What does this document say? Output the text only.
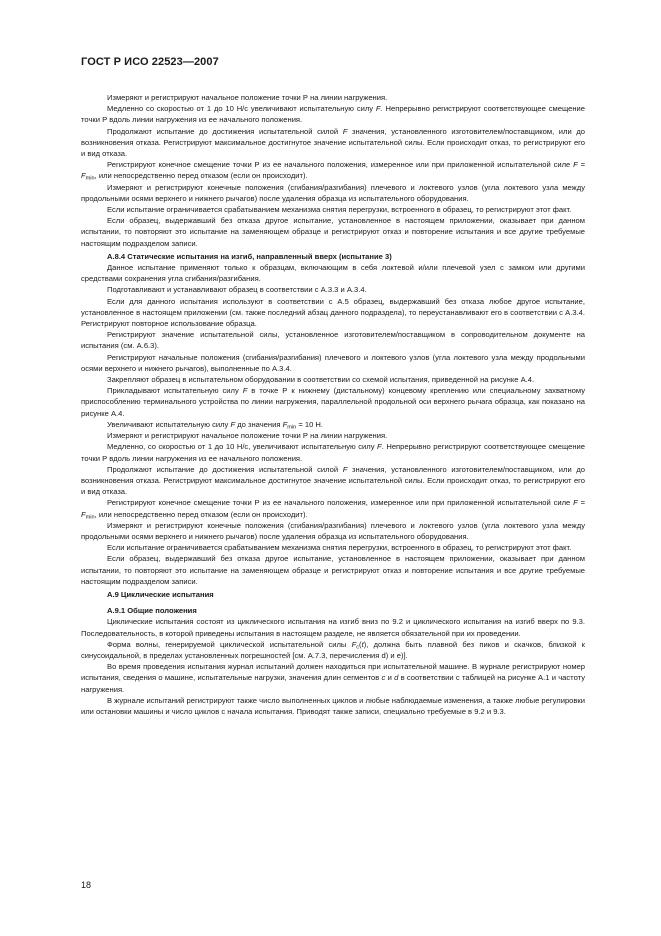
ГОСТ Р ИСО 22523—2007

Измеряют и регистрируют начальное положение точки Р на линии нагружения.

Медленно со скоростью от 1 до 10 Н/с увеличивают испытательную силу F. Непрерывно регистрируют соответствующее смещение точки Р вдоль линии нагружения из ее начального положения.

Продолжают испытание до достижения испытательной силой F значения, установленного изготовителем/поставщиком, или до возникновения отказа. Регистрируют максимальное достигнутое значение испытательной силы. Если происходит отказ, то регистрируют его и вид отказа.

Регистрируют конечное смещение точки Р из ее начального положения, измеренное или при приложенной испытательной силе $F = F_{min}$, или непосредственно перед отказом (если он происходит).

Измеряют и регистрируют конечные положения (сгибания/разгибания) плечевого и локтевого узлов (угла локтевого узла между продольными осями верхнего и нижнего рычагов) после удаления образца из испытательного оборудования.

Если испытание ограничивается срабатыванием механизма снятия перегрузки, встроенного в образец, то регистрируют этот факт.

Если образец, выдержавший без отказа другое испытание, установленное в настоящем приложении, оказывает при данном испытании, то повторяют это испытание на заменяющем образце и регистрируют отказ и повторение испытания и все другие требуемые настоящим подразделом записи.

А.8.4 Статические испытания на изгиб, направленный вверх (испытание 3)

Данное испытание применяют только к образцам, включающим в себя локтевой и/или плечевой узел с замком или другими средствами сохранения угла сгибания/разгибания.

Подготавливают и устанавливают образец в соответствии с А.3.3 и А.3.4.

Если для данного испытания используют в соответствии с А.5 образец, выдержавший без отказа любое другое испытание, установленное в настоящем приложении (см. также последний абзац данного подраздела), то переустанавливают его в соответствии с А.3.4. Регистрируют повторное использование образца.

Регистрируют значение испытательной силы, установленное изготовителем/поставщиком в сопроводительном документе на испытания (см. А.6.3).

Регистрируют начальные положения (сгибания/разгибания) плечевого и локтевого узлов (угла локтевого узла между продольными осями верхнего и нижнего рычагов), выполненные по А.3.4.

Закрепляют образец в испытательном оборудовании в соответствии со схемой испытания, приведенной на рисунке А.4.

Прикладывают испытательную силу F в точке Р к нижнему (дистальному) концевому креплению или специальному захватному приспособлению терминального устройства по линии нагружения, параллельной продольной оси верхнего рычага образца, как показано на рисунке А.4.

Увеличивают испытательную силу F до значения $F_{min} = 10$ Н.

Измеряют и регистрируют начальное положение точки Р на линии нагружения.

Медленно, со скоростью от 1 до 10 Н/с, увеличивают испытательную силу F. Непрерывно регистрируют соответствующее смещение точки Р вдоль линии нагружения из ее начального положения.

Продолжают испытание до достижения испытательной силой F значения, установленного изготовителем/поставщиком, или до возникновения отказа. Регистрируют максимальное достигнутое значение испытательной силы. Если происходит отказ, то регистрируют его и вид отказа.

Регистрируют конечное смещение точки Р из ее начального положения, измеренное или при приложенной испытательной силе $F = F_{min}$, или непосредственно перед отказом (если он происходит).

Измеряют и регистрируют конечные положения (сгибания/разгибания) плечевого и локтевого узлов (угла локтевого узла между продольными осями верхнего и нижнего рычагов) после удаления образца из испытательного оборудования.

Если испытание ограничивается срабатыванием механизма снятия перегрузки, встроенного в образец, то регистрируют этот факт.

Если образец, выдержавший без отказа другое испытание, установленное в настоящем приложении, оказывает при данном испытании, то повторяют это испытание на заменяющем образце и регистрируют отказ и повторение испытания и все другие требуемые настоящим подразделом записи.

А.9 Циклические испытания

А.9.1 Общие положения

Циклические испытания состоят из циклического испытания на изгиб вниз по 9.2 и циклического испытания на изгиб вверх по 9.3. Последовательность, в которой приведены испытания в настоящем разделе, не является обязательной при их проведении.

Форма волны, генерируемой циклической испытательной силы $F_c(t)$, должна быть плавной без пиков и скачков, близкой к синусоидальной, в пределах установленных погрешностей [см. А.7.3, перечисления d) и e)].

Во время проведения испытания журнал испытаний должен находиться при испытательной машине. В журнале регистрируют номер испытания, сведения о машине, испытательные нагрузки, значения длин сегментов c и d в соответствии с таблицей на рисунке А.1 и частоту нагружения.

В журнале испытаний регистрируют также число выполненных циклов и любые наблюдаемые изменения, а также любые регулировки или остановки машины и число циклов с начала испытания. Приводят также записи, специально требуемые в 9.2 и 9.3.

18
